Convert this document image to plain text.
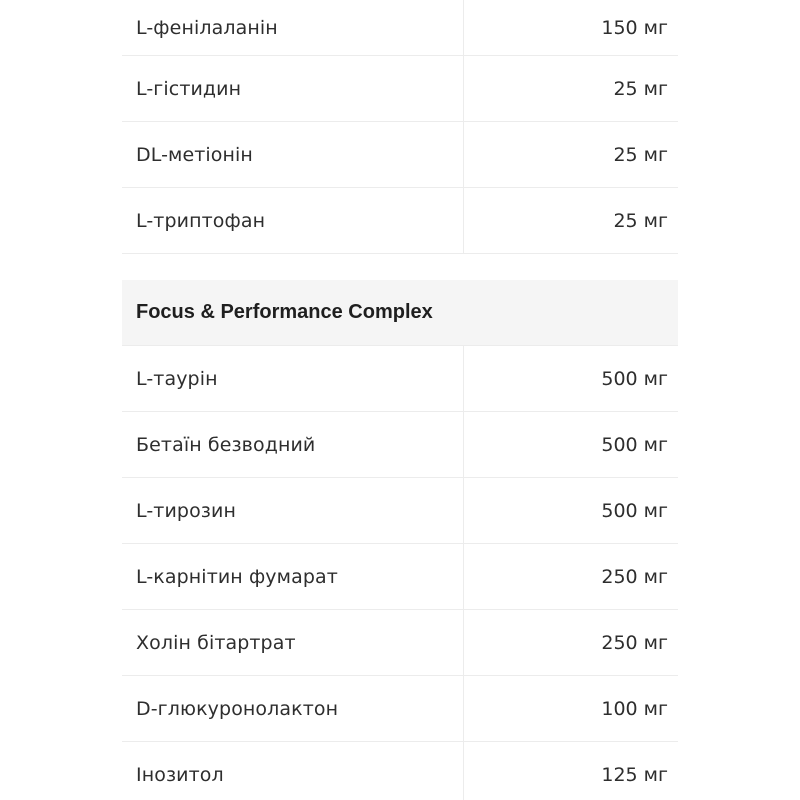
L-фенілаланін	150 мг
L-гістидин	25 мг
DL-метіонін	25 мг
L-триптофан	25 мг
Focus & Performance Complex
L-таурін	500 мг
Бетаїн безводний	500 мг
L-тирозин	500 мг
L-карнітин фумарат	250 мг
Холін бітартрат	250 мг
D-глюкуронолактон	100 мг
Інозитол	125 мг
